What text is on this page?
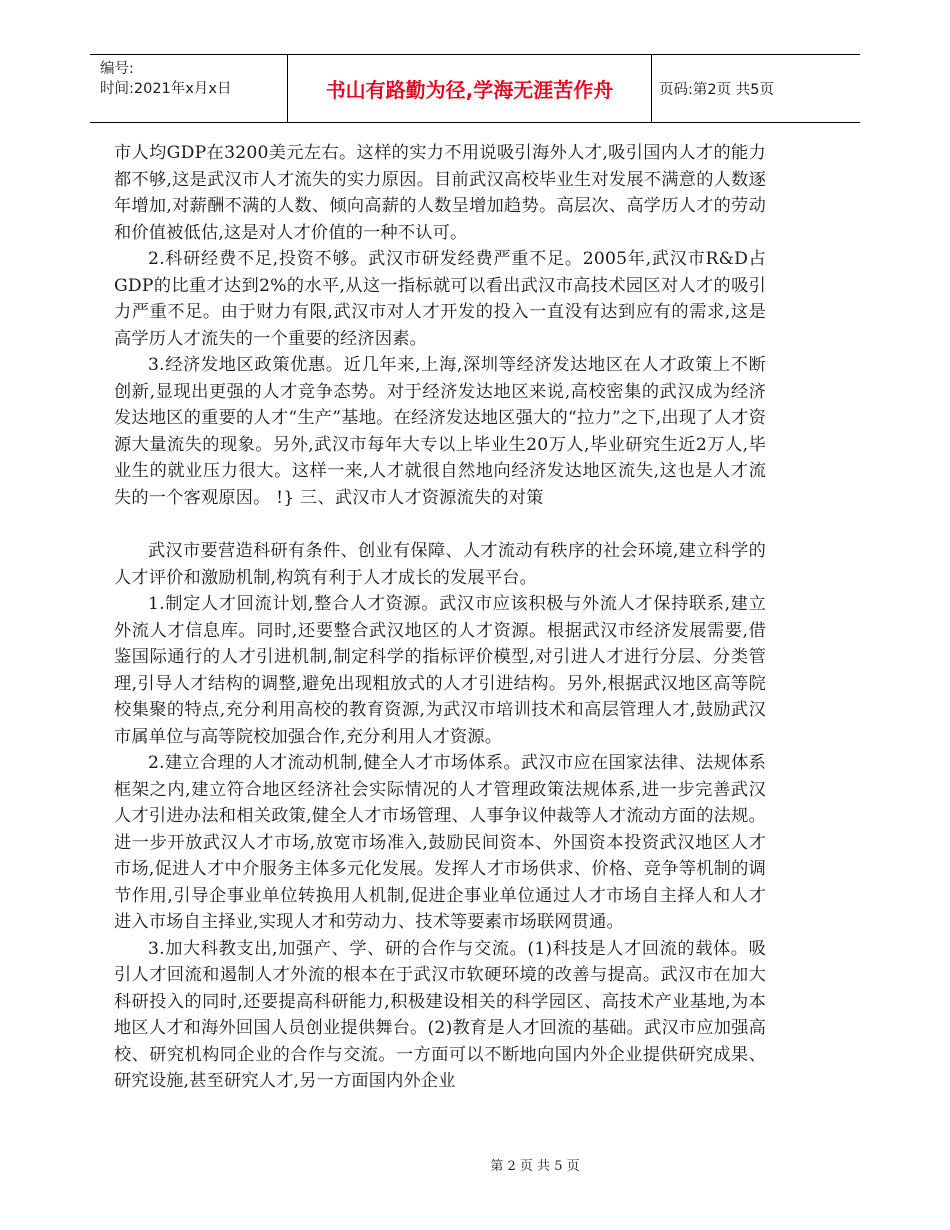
编号:
时间:2021年x月x日	书山有路勤为径,学海无涯苦作舟	页码:第2页 共5页

市人均GDP在3200美元左右。这样的实力不用说吸引海外人才,吸引国内人才的能力都不够,这是武汉市人才流失的实力原因。目前武汉高校毕业生对发展不满意的人数逐年增加,对薪酬不满的人数、倾向高薪的人数呈增加趋势。高层次、高学历人才的劳动和价值被低估,这是对人才价值的一种不认可。

2.科研经费不足,投资不够。武汉市研发经费严重不足。2005年,武汉市R&D占GDP的比重才达到2%的水平,从这一指标就可以看出武汉市高技术园区对人才的吸引力严重不足。由于财力有限,武汉市对人才开发的投入一直没有达到应有的需求,这是高学历人才流失的一个重要的经济因素。

3.经济发地区政策优惠。近几年来,上海,深圳等经济发达地区在人才政策上不断创新,显现出更强的人才竞争态势。对于经济发达地区来说,高校密集的武汉成为经济发达地区的重要的人才“生产”基地。在经济发达地区强大的“拉力”之下,出现了人才资源大量流失的现象。另外,武汉市每年大专以上毕业生20万人,毕业研究生近2万人,毕业生的就业压力很大。这样一来,人才就很自然地向经济发达地区流失,这也是人才流失的一个客观原因。 !} 三、武汉市人才资源流失的对策

武汉市要营造科研有条件、创业有保障、人才流动有秩序的社会环境,建立科学的人才评价和激励机制,构筑有利于人才成长的发展平台。

1.制定人才回流计划,整合人才资源。武汉市应该积极与外流人才保持联系,建立外流人才信息库。同时,还要整合武汉地区的人才资源。根据武汉市经济发展需要,借鉴国际通行的人才引进机制,制定科学的指标评价模型,对引进人才进行分层、分类管理,引导人才结构的调整,避免出现粗放式的人才引进结构。另外,根据武汉地区高等院校集聚的特点,充分利用高校的教育资源,为武汉市培训技术和高层管理人才,鼓励武汉市属单位与高等院校加强合作,充分利用人才资源。

2.建立合理的人才流动机制,健全人才市场体系。武汉市应在国家法律、法规体系框架之内,建立符合地区经济社会实际情况的人才管理政策法规体系,进一步完善武汉人才引进办法和相关政策,健全人才市场管理、人事争议仲裁等人才流动方面的法规。进一步开放武汉人才市场,放宽市场准入,鼓励民间资本、外国资本投资武汉地区人才市场,促进人才中介服务主体多元化发展。发挥人才市场供求、价格、竞争等机制的调节作用,引导企事业单位转换用人机制,促进企事业单位通过人才市场自主择人和人才进入市场自主择业,实现人才和劳动力、技术等要素市场联网贯通。

3.加大科教支出,加强产、学、研的合作与交流。(1)科技是人才回流的载体。吸引人才回流和遏制人才外流的根本在于武汉市软硬环境的改善与提高。武汉市在加大科研投入的同时,还要提高科研能力,积极建设相关的科学园区、高技术产业基地,为本地区人才和海外回国人员创业提供舞台。(2)教育是人才回流的基础。武汉市应加强高校、研究机构同企业的合作与交流。一方面可以不断地向国内外企业提供研究成果、研究设施,甚至研究人才,另一方面国内外企业

第 2 页 共 5 页
